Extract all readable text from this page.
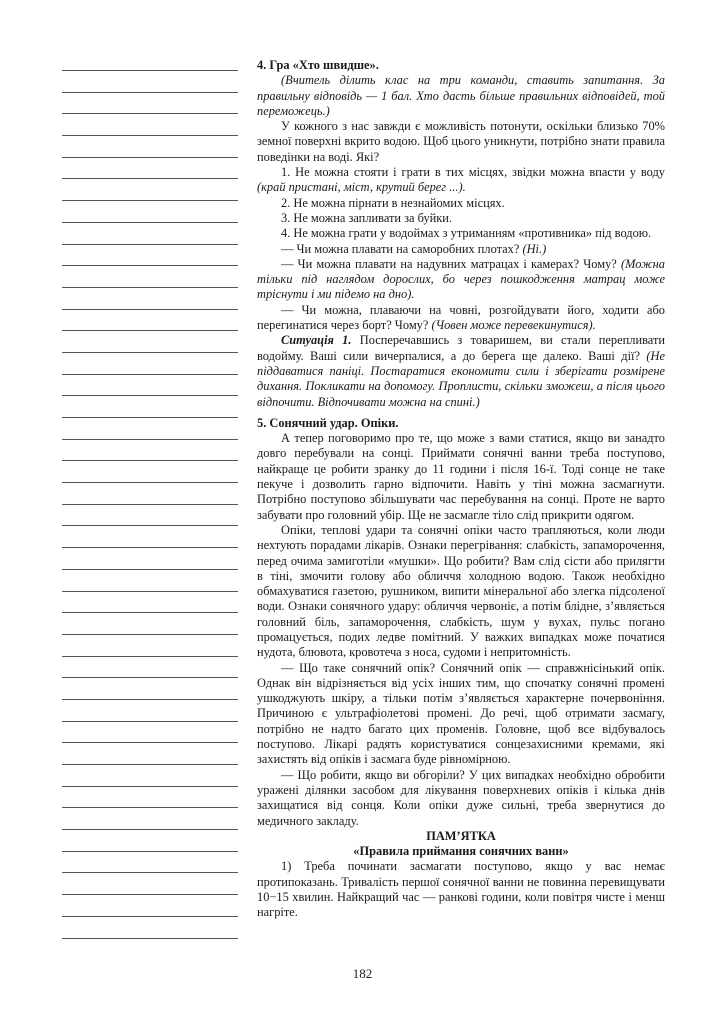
4. Гра «Хто швидше».

(Вчитель ділить клас на три команди, ставить запитання. За правильну відповідь — 1 бал. Хто дасть більше правильних відповідей, той переможець.)

У кожного з нас завжди є можливість потонути, оскільки близько 70% земної поверхні вкрито водою. Щоб цього уникнути, потрібно знати правила поведінки на воді. Які?

1. Не можна стояти і грати в тих місцях, звідки можна впасти у воду (край пристані, міст, крутий берег ...).

2. Не можна пірнати в незнайомих місцях.

3. Не можна запливати за буйки.

4. Не можна грати у водоймах з утриманням «противника» під водою.

— Чи можна плавати на саморобних плотах? (Ні.)

— Чи можна плавати на надувних матрацах і камерах? Чому? (Можна тільки під наглядом дорослих, бо через пошкодження матрац може тріснути і ми підемо на дно).

— Чи можна, плаваючи на човні, розгойдувати його, ходити або перегинатися через борт? Чому? (Човен може перевекинутися).

Ситуація 1. Посперечавшись з товаришем, ви стали перепливати водойму. Ваші сили вичерпалися, а до берега ще далеко. Ваші дії? (Не піддаватися паніці. Постаратися економити сили і зберігати розмірене дихання. Покликати на допомогу. Проплисти, скільки зможеш, а після цього відпочити. Відпочивати можна на спині.)

5. Сонячний удар. Опіки.

А тепер поговоримо про те, що може з вами статися, якщо ви занадто довго перебували на сонці. Приймати сонячні ванни треба поступово, найкраще це робити зранку до 11 години і після 16-ї. Тоді сонце не таке пекуче і дозволить гарно відпочити. Навіть у тіні можна засмагнути. Потрібно поступово збільшувати час перебування на сонці. Проте не варто забувати про головний убір. Ще не засмагле тіло слід прикрити одягом.

Опіки, теплові удари та сонячні опіки часто трапляються, коли люди нехтують порадами лікарів. Ознаки перегрівання: слабкість, запаморочення, перед очима замиготіли «мушки». Що робити? Вам слід сісти або прилягти в тіні, змочити голову або обличчя холодною водою. Також необхідно обмахуватися газетою, рушником, випити мінеральної або злегка підсоленої води. Ознаки сонячного удару: обличчя червоніє, а потім блідне, з’являється головний біль, запаморочення, слабкість, шум у вухах, пульс погано промацується, подих ледве помітний. У важких випадках може початися нудота, блювота, кровотеча з носа, судоми і непритомність.

— Що таке сонячний опік? Сонячний опік — справжнісінький опік. Однак він відрізняється від усіх інших тим, що спочатку сонячні промені ушкоджують шкіру, а тільки потім з’являється характерне почервоніння. Причиною є ультрафіолетові промені. До речі, щоб отримати засмагу, потрібно не надто багато цих променів. Головне, щоб все відбувалось поступово. Лікарі радять користуватися сонцезахисними кремами, які захистять від опіків і засмага буде рівномірною.

— Що робити, якщо ви обгоріли? У цих випадках необхідно обробити уражені ділянки засобом для лікування поверхневих опіків і кілька днів захищатися від сонця. Коли опіки дуже сильні, треба звернутися до медичного закладу.

ПАМ’ЯТКА

«Правила приймання сонячних ванн»

1) Треба починати засмагати поступово, якщо у вас немає протипоказань. Тривалість першої сонячної ванни не повинна перевищувати 10−15 хвилин. Найкращий час — ранкові години, коли повітря чисте і менш нагріте.

182
